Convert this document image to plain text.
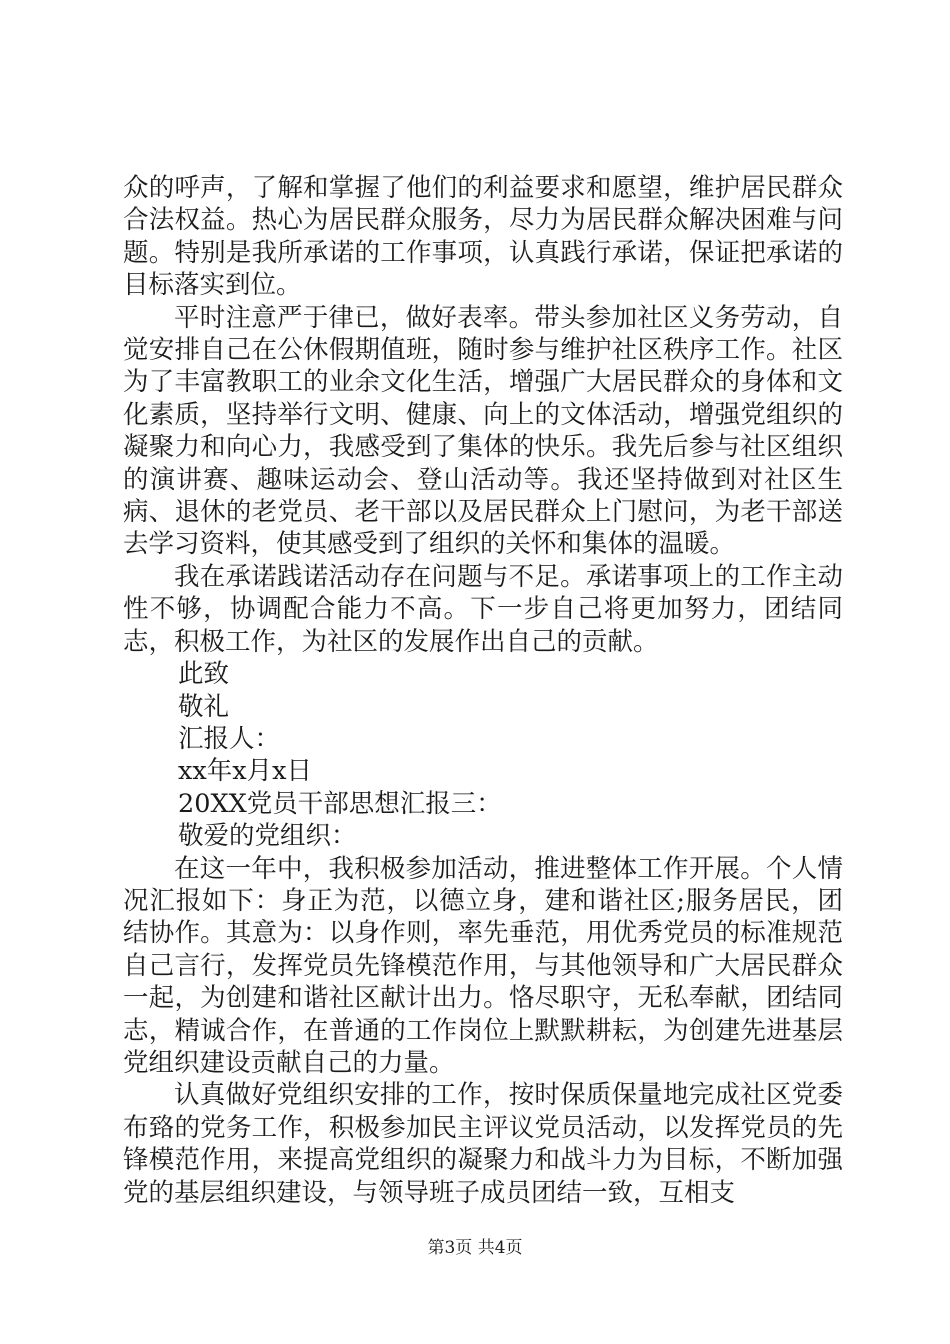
众的呼声，了解和掌握了他们的利益要求和愿望，维护居民群众合法权益。热心为居民群众服务，尽力为居民群众解决困难与问题。特别是我所承诺的工作事项，认真践行承诺，保证把承诺的目标落实到位。

平时注意严于律已，做好表率。带头参加社区义务劳动，自觉安排自己在公休假期值班，随时参与维护社区秩序工作。社区为了丰富教职工的业余文化生活，增强广大居民群众的身体和文化素质，坚持举行文明、健康、向上的文体活动，增强党组织的凝聚力和向心力，我感受到了集体的快乐。我先后参与社区组织的演讲赛、趣味运动会、登山活动等。我还坚持做到对社区生病、退休的老党员、老干部以及居民群众上门慰问，为老干部送去学习资料，使其感受到了组织的关怀和集体的温暖。

我在承诺践诺活动存在问题与不足。承诺事项上的工作主动性不够，协调配合能力不高。下一步自己将更加努力，团结同志，积极工作，为社区的发展作出自己的贡献。

此致

敬礼

汇报人：

xx年x月x日

20XX党员干部思想汇报三：

敬爱的党组织：

在这一年中，我积极参加活动，推进整体工作开展。个人情况汇报如下：身正为范，以德立身，建和谐社区;服务居民，团结协作。其意为：以身作则，率先垂范，用优秀党员的标准规范自己言行，发挥党员先锋模范作用，与其他领导和广大居民群众一起，为创建和谐社区献计出力。恪尽职守，无私奉献，团结同志，精诚合作，在普通的工作岗位上默默耕耘，为创建先进基层党组织建设贡献自己的力量。

认真做好党组织安排的工作，按时保质保量地完成社区党委布臵的党务工作，积极参加民主评议党员活动，以发挥党员的先锋模范作用，来提高党组织的凝聚力和战斗力为目标，不断加强党的基层组织建设，与领导班子成员团结一致，互相支

第3页 共4页
